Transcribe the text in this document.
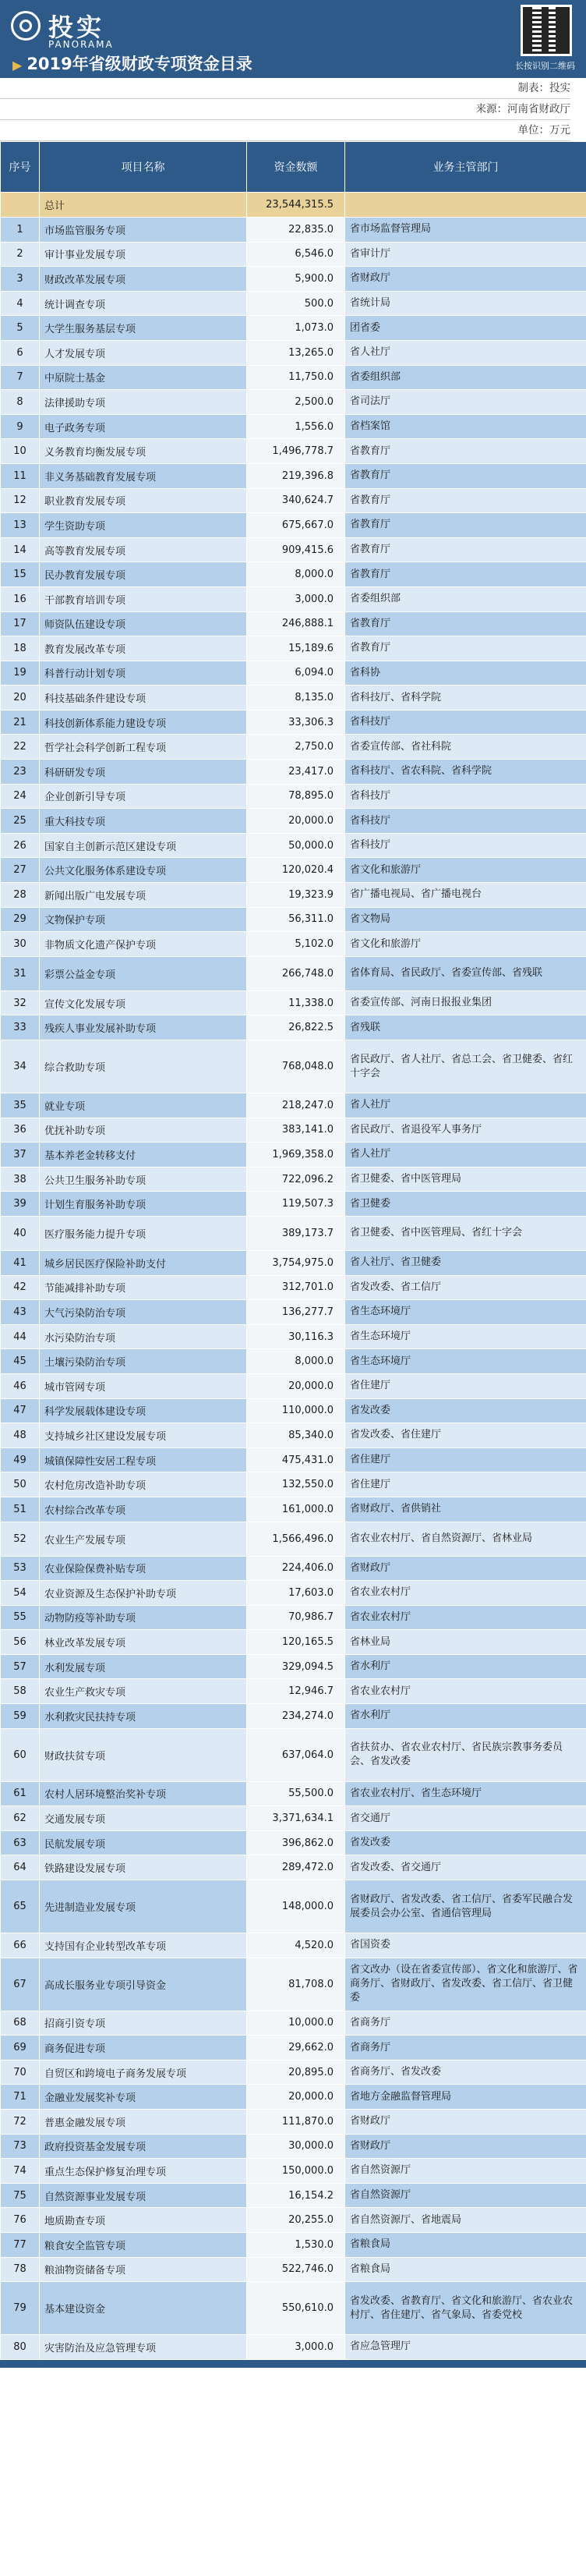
投实
PANORAMA
▶ 2019年省级财政专项资金目录	长按识别二维码
制表：投实
来源：河南省财政厅
单位：万元
序号	项目名称	资金数额	业务主管部门
	总计	23,544,315.5	
1	市场监管服务专项	22,835.0	省市场监督管理局
2	审计事业发展专项	6,546.0	省审计厅
3	财政改革发展专项	5,900.0	省财政厅
4	统计调查专项	500.0	省统计局
5	大学生服务基层专项	1,073.0	团省委
6	人才发展专项	13,265.0	省人社厅
7	中原院士基金	11,750.0	省委组织部
8	法律援助专项	2,500.0	省司法厅
9	电子政务专项	1,556.0	省档案馆
10	义务教育均衡发展专项	1,496,778.7	省教育厅
11	非义务基础教育发展专项	219,396.8	省教育厅
12	职业教育发展专项	340,624.7	省教育厅
13	学生资助专项	675,667.0	省教育厅
14	高等教育发展专项	909,415.6	省教育厅
15	民办教育发展专项	8,000.0	省教育厅
16	干部教育培训专项	3,000.0	省委组织部
17	师资队伍建设专项	246,888.1	省教育厅
18	教育发展改革专项	15,189.6	省教育厅
19	科普行动计划专项	6,094.0	省科协
20	科技基础条件建设专项	8,135.0	省科技厅、省科学院
21	科技创新体系能力建设专项	33,306.3	省科技厅
22	哲学社会科学创新工程专项	2,750.0	省委宣传部、省社科院
23	科研研发专项	23,417.0	省科技厅、省农科院、省科学院
24	企业创新引导专项	78,895.0	省科技厅
25	重大科技专项	20,000.0	省科技厅
26	国家自主创新示范区建设专项	50,000.0	省科技厅
27	公共文化服务体系建设专项	120,020.4	省文化和旅游厅
28	新闻出版广电发展专项	19,323.9	省广播电视局、省广播电视台
29	文物保护专项	56,311.0	省文物局
30	非物质文化遗产保护专项	5,102.0	省文化和旅游厅
31	彩票公益金专项	266,748.0	省体育局、省民政厅、省委宣传部、省残联
32	宣传文化发展专项	11,338.0	省委宣传部、河南日报报业集团
33	残疾人事业发展补助专项	26,822.5	省残联
34	综合救助专项	768,048.0	省民政厅、省人社厅、省总工会、省卫健委、省红十字会
35	就业专项	218,247.0	省人社厅
36	优抚补助专项	383,141.0	省民政厅、省退役军人事务厅
37	基本养老金转移支付	1,969,358.0	省人社厅
38	公共卫生服务补助专项	722,096.2	省卫健委、省中医管理局
39	计划生育服务补助专项	119,507.3	省卫健委
40	医疗服务能力提升专项	389,173.7	省卫健委、省中医管理局、省红十字会
41	城乡居民医疗保险补助支付	3,754,975.0	省人社厅、省卫健委
42	节能减排补助专项	312,701.0	省发改委、省工信厅
43	大气污染防治专项	136,277.7	省生态环境厅
44	水污染防治专项	30,116.3	省生态环境厅
45	土壤污染防治专项	8,000.0	省生态环境厅
46	城市管网专项	20,000.0	省住建厅
47	科学发展载体建设专项	110,000.0	省发改委
48	支持城乡社区建设发展专项	85,340.0	省发改委、省住建厅
49	城镇保障性安居工程专项	475,431.0	省住建厅
50	农村危房改造补助专项	132,550.0	省住建厅
51	农村综合改革专项	161,000.0	省财政厅、省供销社
52	农业生产发展专项	1,566,496.0	省农业农村厅、省自然资源厅、省林业局
53	农业保险保费补贴专项	224,406.0	省财政厅
54	农业资源及生态保护补助专项	17,603.0	省农业农村厅
55	动物防疫等补助专项	70,986.7	省农业农村厅
56	林业改革发展专项	120,165.5	省林业局
57	水利发展专项	329,094.5	省水利厅
58	农业生产救灾专项	12,946.7	省农业农村厅
59	水利救灾民扶持专项	234,274.0	省水利厅
60	财政扶贫专项	637,064.0	省扶贫办、省农业农村厅、省民族宗教事务委员会、省发改委
61	农村人居环境整治奖补专项	55,500.0	省农业农村厅、省生态环境厅
62	交通发展专项	3,371,634.1	省交通厅
63	民航发展专项	396,862.0	省发改委
64	铁路建设发展专项	289,472.0	省发改委、省交通厅
65	先进制造业发展专项	148,000.0	省财政厅、省发改委、省工信厅、省委军民融合发展委员会办公室、省通信管理局
66	支持国有企业转型改革专项	4,520.0	省国资委
67	高成长服务业专项引导资金	81,708.0	省文改办（设在省委宣传部）、省文化和旅游厅、省商务厅、省财政厅、省发改委、省工信厅、省卫健委
68	招商引资专项	10,000.0	省商务厅
69	商务促进专项	29,662.0	省商务厅
70	自贸区和跨境电子商务发展专项	20,895.0	省商务厅、省发改委
71	金融业发展奖补专项	20,000.0	省地方金融监督管理局
72	普惠金融发展专项	111,870.0	省财政厅
73	政府投资基金发展专项	30,000.0	省财政厅
74	重点生态保护修复治理专项	150,000.0	省自然资源厅
75	自然资源事业发展专项	16,154.2	省自然资源厅
76	地质勘查专项	20,255.0	省自然资源厅、省地震局
77	粮食安全监管专项	1,530.0	省粮食局
78	粮油物资储备专项	522,746.0	省粮食局
79	基本建设资金	550,610.0	省发改委、省教育厅、省文化和旅游厅、省农业农村厅、省住建厅、省气象局、省委党校
80	灾害防治及应急管理专项	3,000.0	省应急管理厅
